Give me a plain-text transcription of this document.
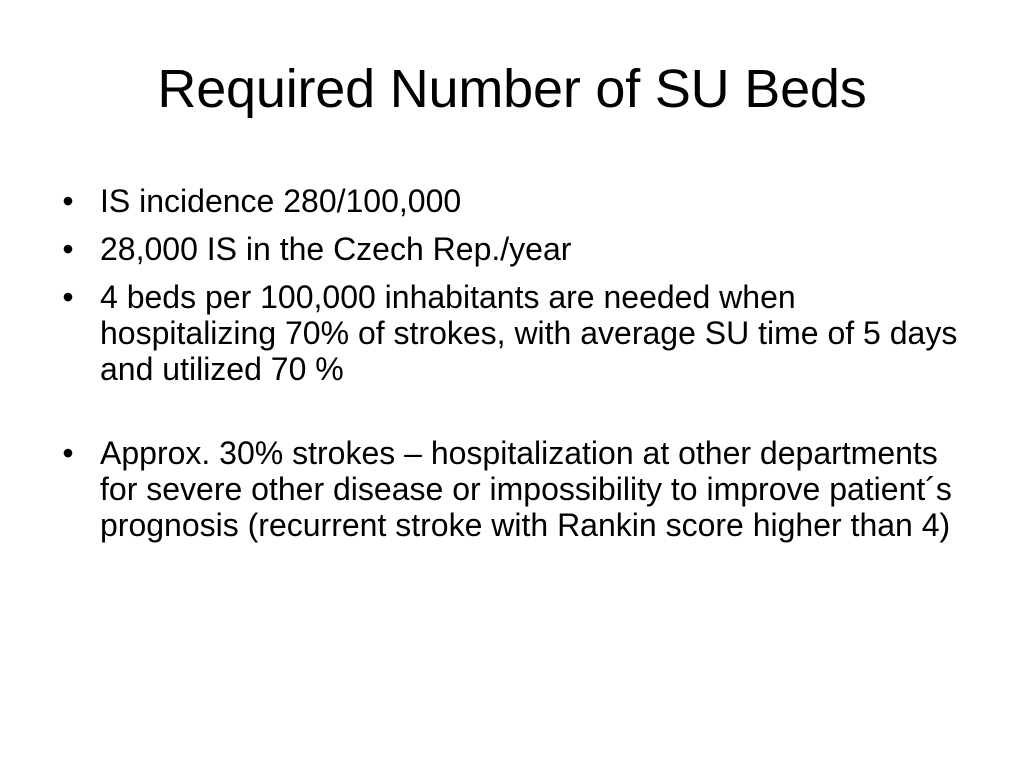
Required Number of SU Beds
• IS incidence 280/100,000
• 28,000 IS in the Czech Rep./year
• 4 beds per 100,000 inhabitants are needed when hospitalizing 70% of strokes, with average SU time of 5 days and utilized 70 %
• Approx. 30% strokes – hospitalization at other departments for severe other disease or impossibility to improve patient´s prognosis (recurrent stroke with Rankin score higher than 4)
